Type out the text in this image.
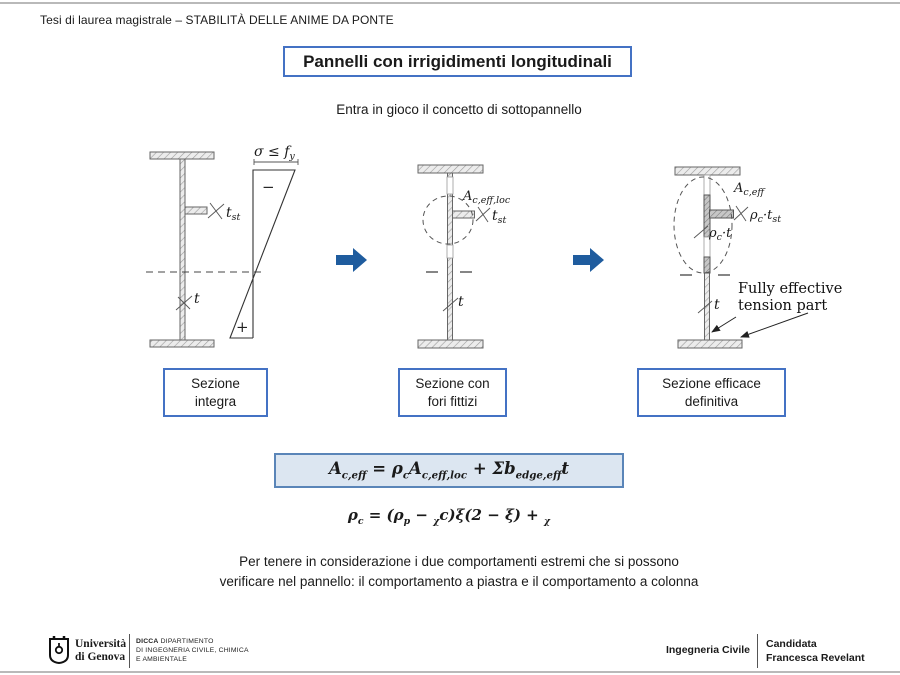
Tesi di laurea magistrale – STABILITÀ DELLE ANIME DA PONTE
Pannelli con irrigidimenti longitudinali
Entra in gioco il concetto di sottopannello
$t_{st}$
t
$\sigma \le f_y$
−
+
$A_{c,eff,loc}$
$t_{st}$
t
$A_{c,eff}$
$\rho_c\cdot t_{st}$
$\rho_c\cdot t$
Fully effective
tension part
t
Sezione
integra
Sezione con
fori fittizi
Sezione efficace
definitiva
$A_{c,eff} = \rho_cA_{c,eff,loc} + \Sigma b_{edge,eff}t$
$\rho_c = (\rho_p - _\chi c)\xi(2 - \xi) + _\chi$
Per tenere in considerazione i due comportamenti estremi che si possono
verificare nel pannello: il comportamento a piastra e il comportamento a colonna
Università
di Genova
DICCA DIPARTIMENTO
DI INGEGNERIA CIVILE, CHIMICA
E AMBIENTALE
Ingegneria Civile Candidata
Francesca Revelant
